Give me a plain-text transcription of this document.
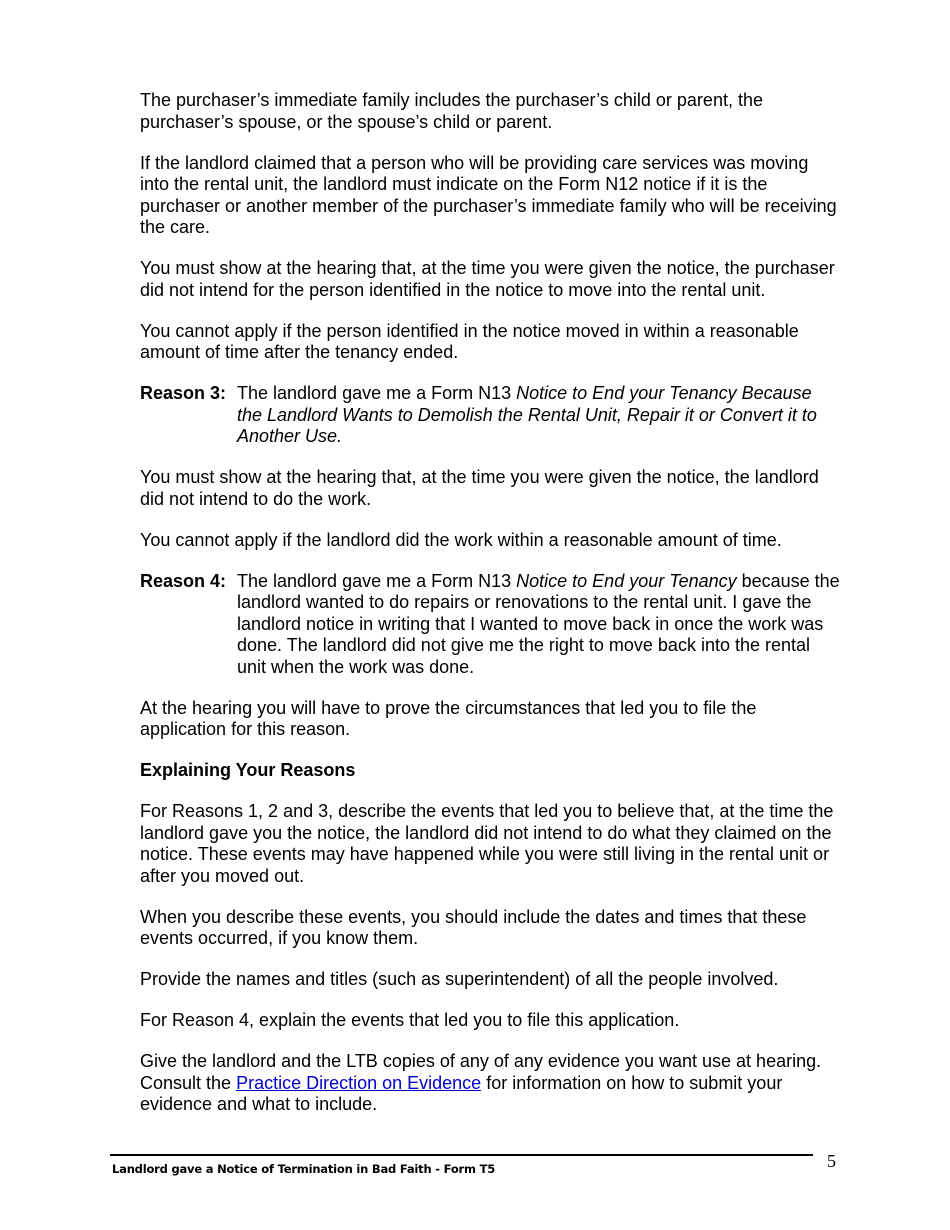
The purchaser’s immediate family includes the purchaser’s child or parent, the purchaser’s spouse, or the spouse’s child or parent.

If the landlord claimed that a person who will be providing care services was moving into the rental unit, the landlord must indicate on the Form N12 notice if it is the purchaser or another member of the purchaser’s immediate family who will be receiving the care.

You must show at the hearing that, at the time you were given the notice, the purchaser did not intend for the person identified in the notice to move into the rental unit.

You cannot apply if the person identified in the notice moved in within a reasonable amount of time after the tenancy ended.

Reason 3: The landlord gave me a Form N13 Notice to End your Tenancy Because the Landlord Wants to Demolish the Rental Unit, Repair it or Convert it to Another Use.

You must show at the hearing that, at the time you were given the notice, the landlord did not intend to do the work.

You cannot apply if the landlord did the work within a reasonable amount of time.

Reason 4: The landlord gave me a Form N13 Notice to End your Tenancy because the landlord wanted to do repairs or renovations to the rental unit. I gave the landlord notice in writing that I wanted to move back in once the work was done. The landlord did not give me the right to move back into the rental unit when the work was done.

At the hearing you will have to prove the circumstances that led you to file the application for this reason.

Explaining Your Reasons

For Reasons 1, 2 and 3, describe the events that led you to believe that, at the time the landlord gave you the notice, the landlord did not intend to do what they claimed on the notice. These events may have happened while you were still living in the rental unit or after you moved out.

When you describe these events, you should include the dates and times that these events occurred, if you know them.

Provide the names and titles (such as superintendent) of all the people involved.

For Reason 4, explain the events that led you to file this application.

Give the landlord and the LTB copies of any of any evidence you want use at hearing. Consult the Practice Direction on Evidence for information on how to submit your evidence and what to include.

Landlord gave a Notice of Termination in Bad Faith - Form T5	5
